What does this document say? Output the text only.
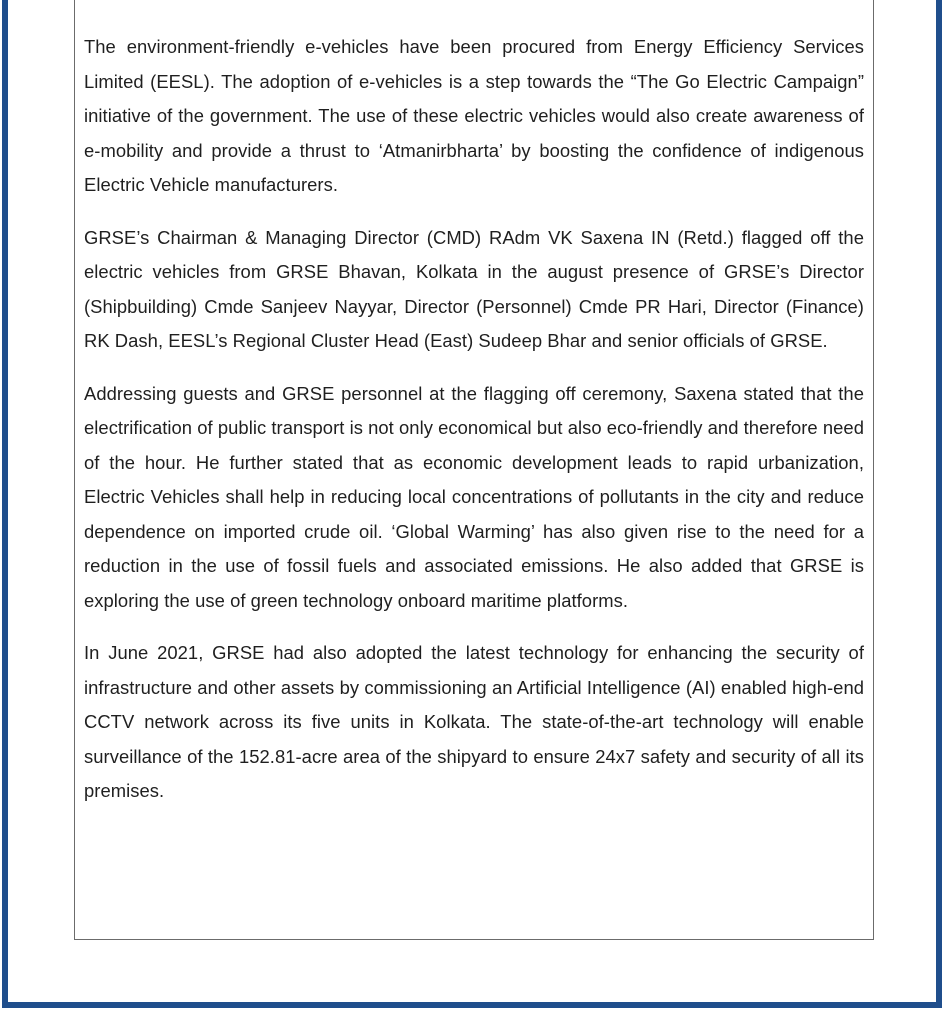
The environment-friendly e-vehicles have been procured from Energy Efficiency Services Limited (EESL). The adoption of e-vehicles is a step towards the “The Go Electric Campaign” initiative of the government. The use of these electric vehicles would also create awareness of e-mobility and provide a thrust to ‘Atmanirbharta’ by boosting the confidence of indigenous Electric Vehicle manufacturers.

GRSE’s Chairman & Managing Director (CMD) RAdm VK Saxena IN (Retd.) flagged off the electric vehicles from GRSE Bhavan, Kolkata in the august presence of GRSE’s Director (Shipbuilding) Cmde Sanjeev Nayyar, Director (Personnel) Cmde PR Hari, Director (Finance) RK Dash, EESL’s Regional Cluster Head (East) Sudeep Bhar and senior officials of GRSE.

Addressing guests and GRSE personnel at the flagging off ceremony, Saxena stated that the electrification of public transport is not only economical but also eco-friendly and therefore need of the hour. He further stated that as economic development leads to rapid urbanization, Electric Vehicles shall help in reducing local concentrations of pollutants in the city and reduce dependence on imported crude oil. ‘Global Warming’ has also given rise to the need for a reduction in the use of fossil fuels and associated emissions. He also added that GRSE is exploring the use of green technology onboard maritime platforms.

In June 2021, GRSE had also adopted the latest technology for enhancing the security of infrastructure and other assets by commissioning an Artificial Intelligence (AI) enabled high-end CCTV network across its five units in Kolkata. The state-of-the-art technology will enable surveillance of the 152.81-acre area of the shipyard to ensure 24x7 safety and security of all its premises.
